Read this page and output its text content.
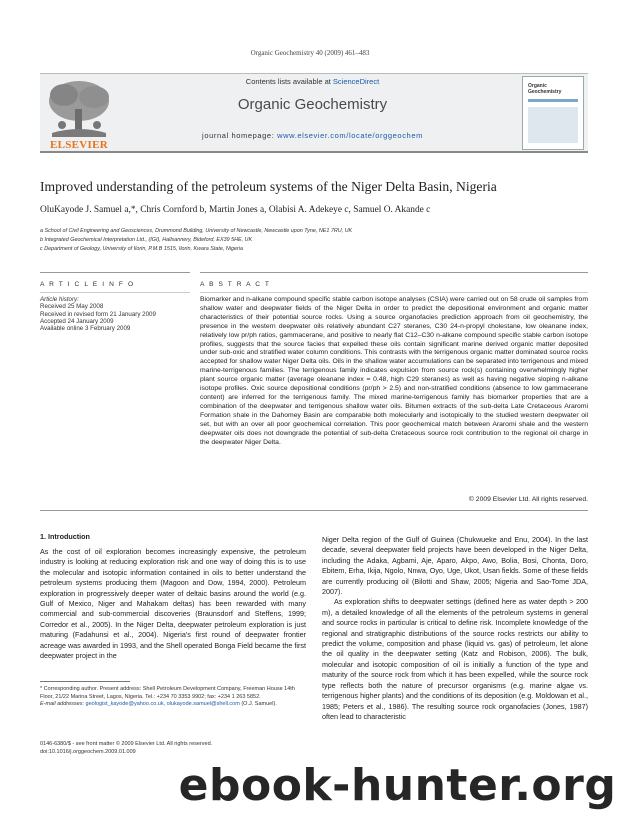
Organic Geochemistry 40 (2009) 461–483
ELSEVIER
Contents lists available at ScienceDirect
Organic Geochemistry
journal homepage: www.elsevier.com/locate/orggeochem
Organic
Geochemistry
Improved understanding of the petroleum systems of the Niger Delta Basin, Nigeria
OluKayode J. Samuel a,*, Chris Cornford b, Martin Jones a, Olabisi A. Adekeye c, Samuel O. Akande c
a School of Civil Engineering and Geosciences, Drummond Building, University of Newcastle, Newcastle upon Tyne, NE1 7RU, UK
b Integrated Geochemical Interpretation Ltd., (IGI), Hallsannery, Bideford, EX39 5HE, UK
c Department of Geology, University of Ilorin, P.M.B 1515, Ilorin, Kwara State, Nigeria
A R T I C L E I N F O	A B S T R A C T
Article history:
Received 25 May 2008
Received in revised form 21 January 2009
Accepted 24 January 2009
Available online 3 February 2009
Biomarker and n-alkane compound specific stable carbon isotope analyses (CSIA) were carried out on 58 crude oil samples from shallow water and deepwater fields of the Niger Delta in order to predict the depositional environment and organic matter characteristics of their potential source rocks. Using a source organofacies prediction approach from oil geochemistry, the presence in the western deepwater oils relatively abundant C27 steranes, C30 24-n-propyl cholestane, low oleanane index, relatively low pr/ph ratios, gammacerane, and positive to nearly flat C12–C30 n-alkane compound specific stable carbon isotope profiles, suggests that the source facies that expelled these oils contain significant marine derived organic matter deposited under sub-oxic and stratified water column conditions. This contrasts with the terrigenous organic matter dominated source rocks accepted for shallow water Niger Delta oils. Oils in the shallow water accumulations can be separated into terrigenous and mixed marine-terrigenous families. The terrigenous family indicates expulsion from source rock(s) containing overwhelmingly higher plant source organic matter (average oleanane index = 0.48, high C29 steranes) as well as having negative sloping n-alkane isotope profiles. Oxic source depositional conditions (pr/ph > 2.5) and non-stratified conditions (absence to low gammacerane content) are inferred for the terrigenous family. The mixed marine-terrigenous family has biomarker properties that are a combination of the deepwater and terrigenous shallow water oils. Bitumen extracts of the sub-delta Late Cretaceous Araromi Formation shale in the Dahomey Basin are comparable both molecularly and isotopically to the studied western deepwater oil set, but with an over all poor geochemical correlation. This poor geochemical match between Araromi shale and the western deepwater oils does not downgrade the potential of sub-delta Cretaceous source rock contribution to the regional oil charge in the deepwater Niger Delta.
© 2009 Elsevier Ltd. All rights reserved.
1. Introduction
As the cost of oil exploration becomes increasingly expensive, the petroleum industry is looking at reducing exploration risk and one way of doing this is to use the molecular and isotopic information contained in oils to better understand the petroleum systems producing them (Magoon and Dow, 1994, 2000). Petroleum exploration in progressively deeper water of deltaic basins around the world (e.g. Gulf of Mexico, Niger and Mahakam deltas) has been rewarded with many commercial and sub-commercial discoveries (Braunsdorf and Steffens, 1999; Corredor et al., 2005). In the Niger Delta, deepwater petroleum exploration is just maturing (Fadahunsi et al., 2004). Nigeria's first round of deepwater frontier acreage was awarded in 1993, and the Shell operated Bonga Field became the first deepwater project in the
Niger Delta region of the Gulf of Guinea (Chukwueke and Enu, 2004). In the last decade, several deepwater field projects have been developed in the Niger Delta, including the Adaka, Agbami, Aje, Aparo, Akpo, Awo, Bolia, Bosi, Chonta, Doro, Ebitem, Erha, Ikija, Ngolo, Nnwa, Oyo, Uge, Ukot, Usan fields. Some of these fields are currently producing oil (Bilotti and Shaw, 2005; Nigeria and Sao-Tome JDA, 2007).
As exploration shifts to deepwater settings (defined here as water depth > 200 m), a detailed knowledge of all the elements of the petroleum systems in general and source rocks in particular is critical to define risk. Incomplete knowledge of the regional and stratigraphic distributions of the source rocks restricts our ability to predict the volume, composition and phase (liquid vs. gas) of petroleum, let alone the oil quality in the deepwater setting (Katz and Robison, 2006). The bulk, molecular and isotopic composition of oil is initially a function of the type and maturity of the source rock from which it has been expelled, while the source rock type reflects both the nature of precursor organisms (e.g. marine algae vs. terrigenous higher plants) and the conditions of its deposition (e.g. Moldowan et al., 1985; Peters et al., 1986). The resulting source rock organofacies (Jones, 1987) often lead to characteristic
* Corresponding author. Present address: Shell Petroleum Development Company, Freeman House 14th Floor, 21/22 Marina Street, Lagos, Nigeria. Tel.: +234 70 3353 9902; fax: +234 1 263 5852.
E-mail addresses: geologist_kayode@yahoo.co.uk, olukayode.samuel@shell.com (O.J. Samuel).
0146-6380/$ - see front matter © 2009 Elsevier Ltd. All rights reserved.
doi:10.1016/j.orggeochem.2009.01.009
ebook-hunter.org
